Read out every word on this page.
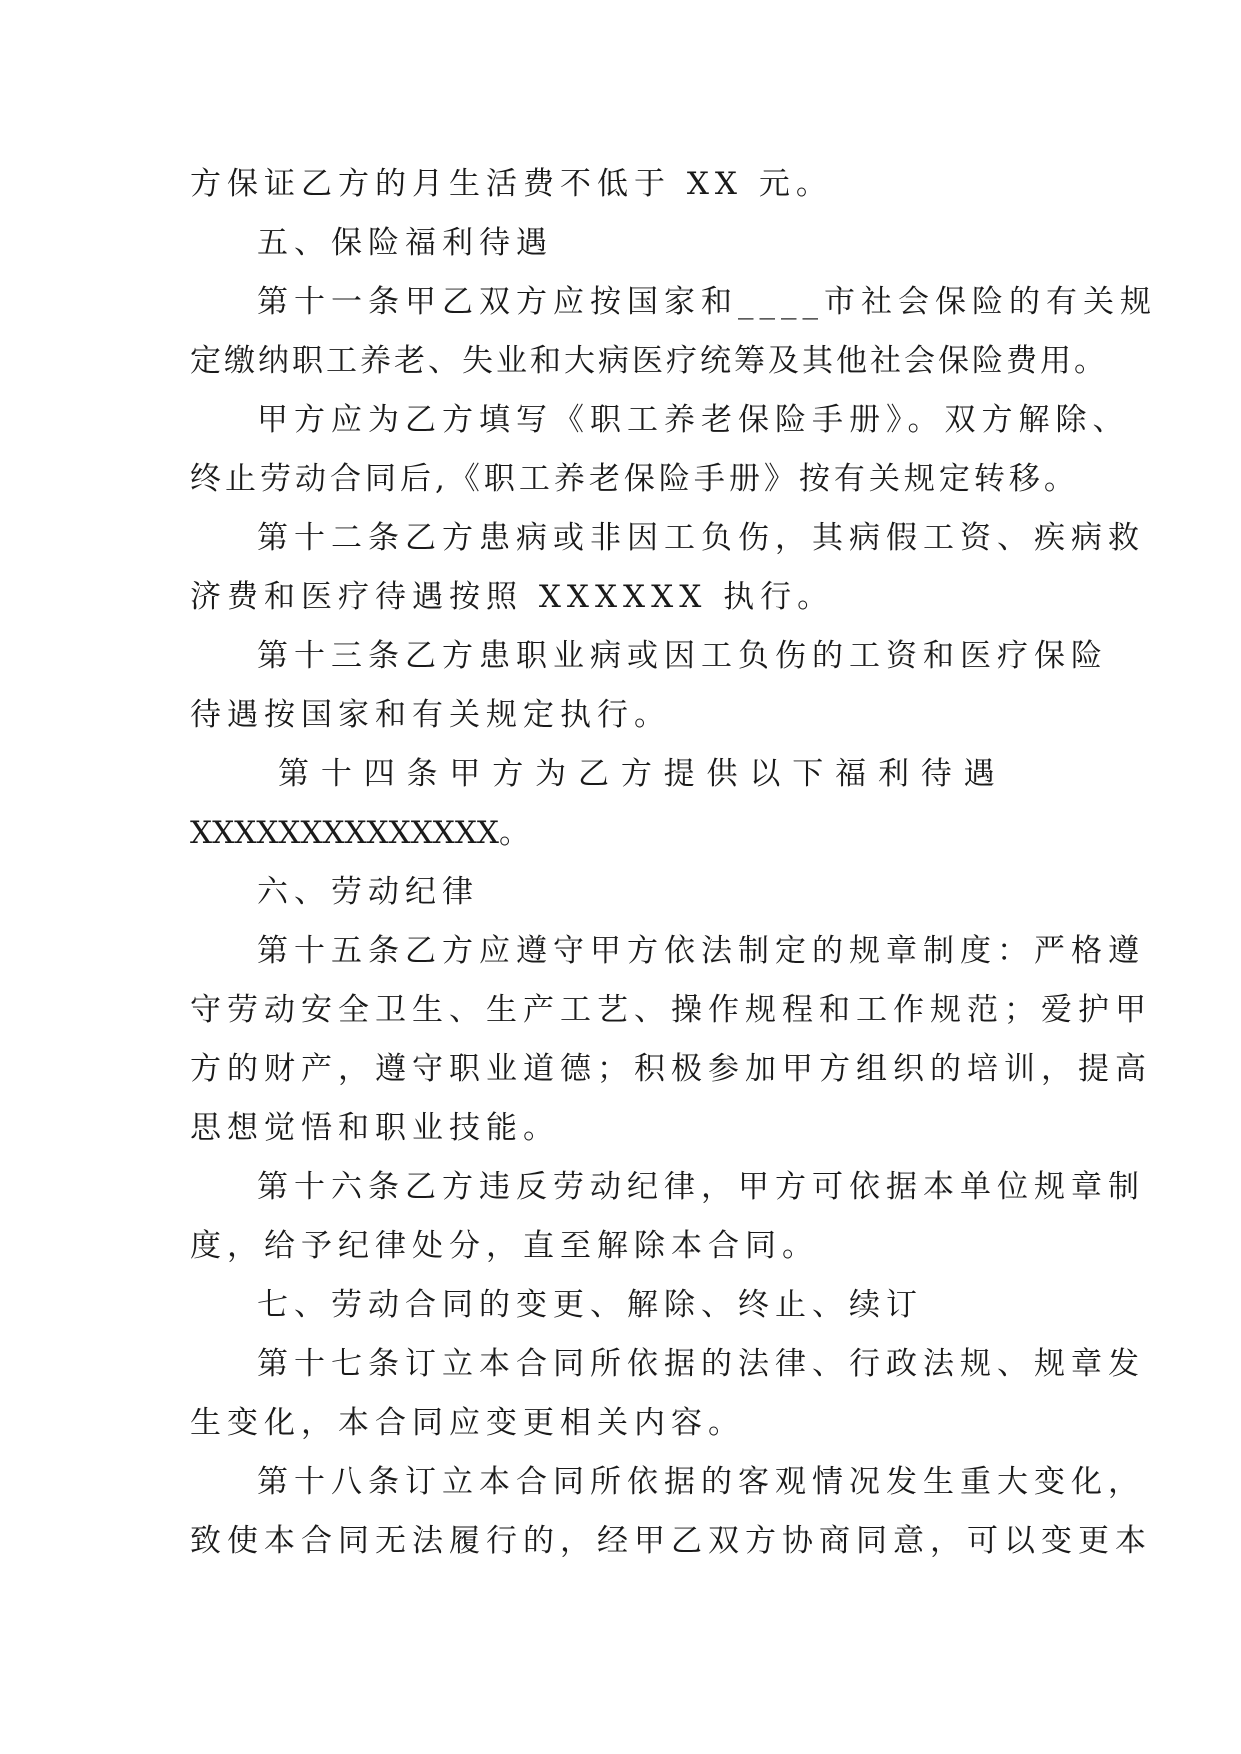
方保证乙方的月生活费不低于 XX 元。
五、保险福利待遇
第十一条甲乙双方应按国家和____市社会保险的有关规
定缴纳职工养老、失业和大病医疗统筹及其他社会保险费用。
甲方应为乙方填写《职工养老保险手册》。双方解除、
终止劳动合同后,《职工养老保险手册》按有关规定转移。
第十二条乙方患病或非因工负伤，其病假工资、疾病救
济费和医疗待遇按照 XXXXXX 执行。
第十三条乙方患职业病或因工负伤的工资和医疗保险
待遇按国家和有关规定执行。
第 十 四 条 甲 方 为 乙 方 提 供 以 下 福 利 待 遇
XXXXXXXXXXXXXX。
六、劳动纪律
第十五条乙方应遵守甲方依法制定的规章制度：严格遵
守劳动安全卫生、生产工艺、操作规程和工作规范；爱护甲
方的财产，遵守职业道德；积极参加甲方组织的培训，提高
思想觉悟和职业技能。
第十六条乙方违反劳动纪律，甲方可依据本单位规章制
度，给予纪律处分，直至解除本合同。
七、劳动合同的变更、解除、终止、续订
第十七条订立本合同所依据的法律、行政法规、规章发
生变化，本合同应变更相关内容。
第十八条订立本合同所依据的客观情况发生重大变化，
致使本合同无法履行的，经甲乙双方协商同意，可以变更本
